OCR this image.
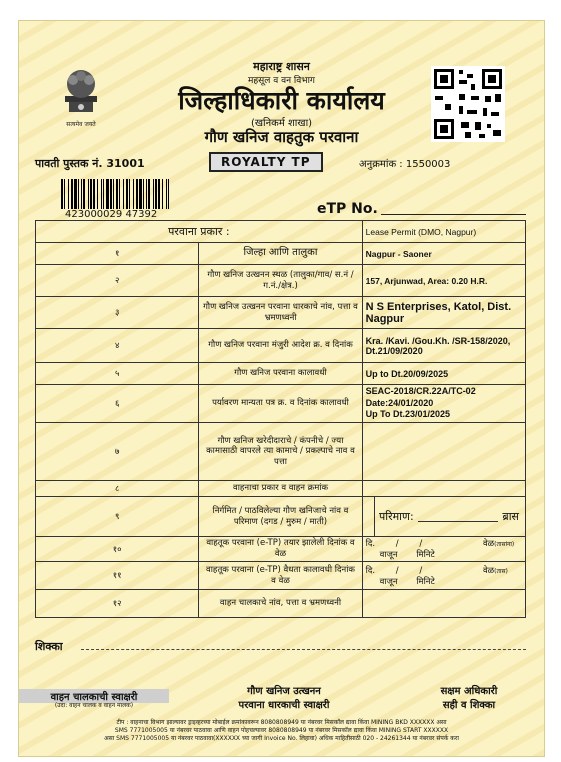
सत्यमेव जयते
महाराष्ट्र शासन
महसूल व वन विभाग
जिल्हाधिकारी कार्यालय
(खनिकर्म शाखा)
गौण खनिज वाहतुक परवाना
पावती पुस्तक नं. 31001	ROYALTY TP	अनुक्रमांक : 1550003
423000029 47392	eTP No.
परवाना प्रकार :		Lease Permit (DMO, Nagpur)
१	जिल्हा आणि तालुका	Nagpur - Saoner
२	गौण खनिज उत्खनन स्थळ (तालुका/गाव/ स.नं / ग.नं./क्षेत्र.)	157, Arjunwad, Area: 0.20 H.R.
३	गौण खनिज उत्खनन परवाना धारकाचे नांव, पत्ता व भ्रमणध्वनी	N S Enterprises, Katol, Dist. Nagpur
४	गौण खनिज परवाना मंजुरी आदेश क्र. व दिनांक	Kra. /Kavi. /Gou.Kh. /SR-158/2020, Dt.21/09/2020
५	गौण खनिज परवाना कालावधी	Up to Dt.20/09/2025
६	पर्यावरण मान्यता पत्र क्र. व दिनांक कालावधी	SEAC-2018/CR.22A/TC-02 Date:24/01/2020
Up To Dt.23/01/2025

७	गौण खनिज खरेदीदाराचे / कंपनीचे / ज्या कामासाठी वापरले त्या कामाचे / प्रकल्पाचे नाव व पत्ता	
८	वाहनाचा प्रकार व वाहन क्रमांक	
९	निर्गमित / पाठविलेल्या गौण खनिजाचे नांव व परिमाण (दगड / मुरुम / माती)	परिमाण: ब्रास

१०	वाहतूक परवाना (e-TP) तयार झालेली दिनांक व वेळ	दि. / / वेळ(तासांना) वाजून मिनिटे
११	वाहतूक परवाना (e-TP) वैधता कालावधी दिनांक व वेळ	दि. / / वेळ(तास) वाजून मिनिटे
१२	वाहन चालकाचे नांव, पत्ता व भ्रमणध्वनी	
शिक्का
वाहन चालकाची स्वाक्षरी
(उदा: वाहन चालक व वाहन मालक)
गौण खनिज उत्खनन
परवाना धारकाची स्वाक्षरी
सक्षम अधिकारी
सही व शिक्का
टीप : वाहनाचा विभाग झाल्यावर ड्राइव्हरच्या मोबाईल क्रमांकावरून 8080808949 या नंबरवर मिसकॉल द्यावा किंवा MINING BKD XXXXXX असा
SMS 7771005005 या नंबरवर पाठवावा आणि वाहन पोहचल्यावर 8080808949 या नंबरवर मिसकॉल द्यावा किंवा MINING START XXXXXX
असा SMS 7771005005 या नंबरवर पाठवावा(XXXXXX च्या जागी Invoice No. लिहावा) अधिक माहितीसाठी 020 - 24261344 या नंबरवर संपर्क करा
